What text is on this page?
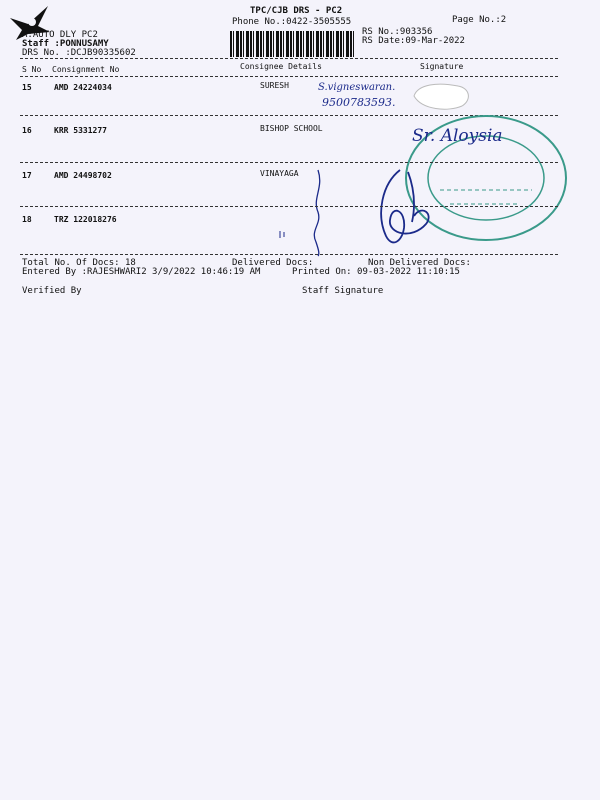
TPC/CJB DRS - PC2
Phone No.:0422-3505555	Page No.:2
A:AUTO DLY PC2
Staff :PONNUSAMY
DRS No. :DCJB90335602
RS No.:903356
RS Date:09-Mar-2022
S No Consignment No	Consignee Details	Signature
15	AMD 24224034	SURESH	S.vigneswaran.
9500783593.
16	KRR 5331277	BISHOP SCHOOL	Sr. Aloysia
17	AMD 24498702	VINAYAGA
18	TRZ 122018276
Total No. Of Docs: 18	Delivered Docs:	Non Delivered Docs:
Entered By :RAJESHWARI2 3/9/2022 10:46:19 AM	Printed On: 09-03-2022 11:10:15
Verified By	Staff Signature
